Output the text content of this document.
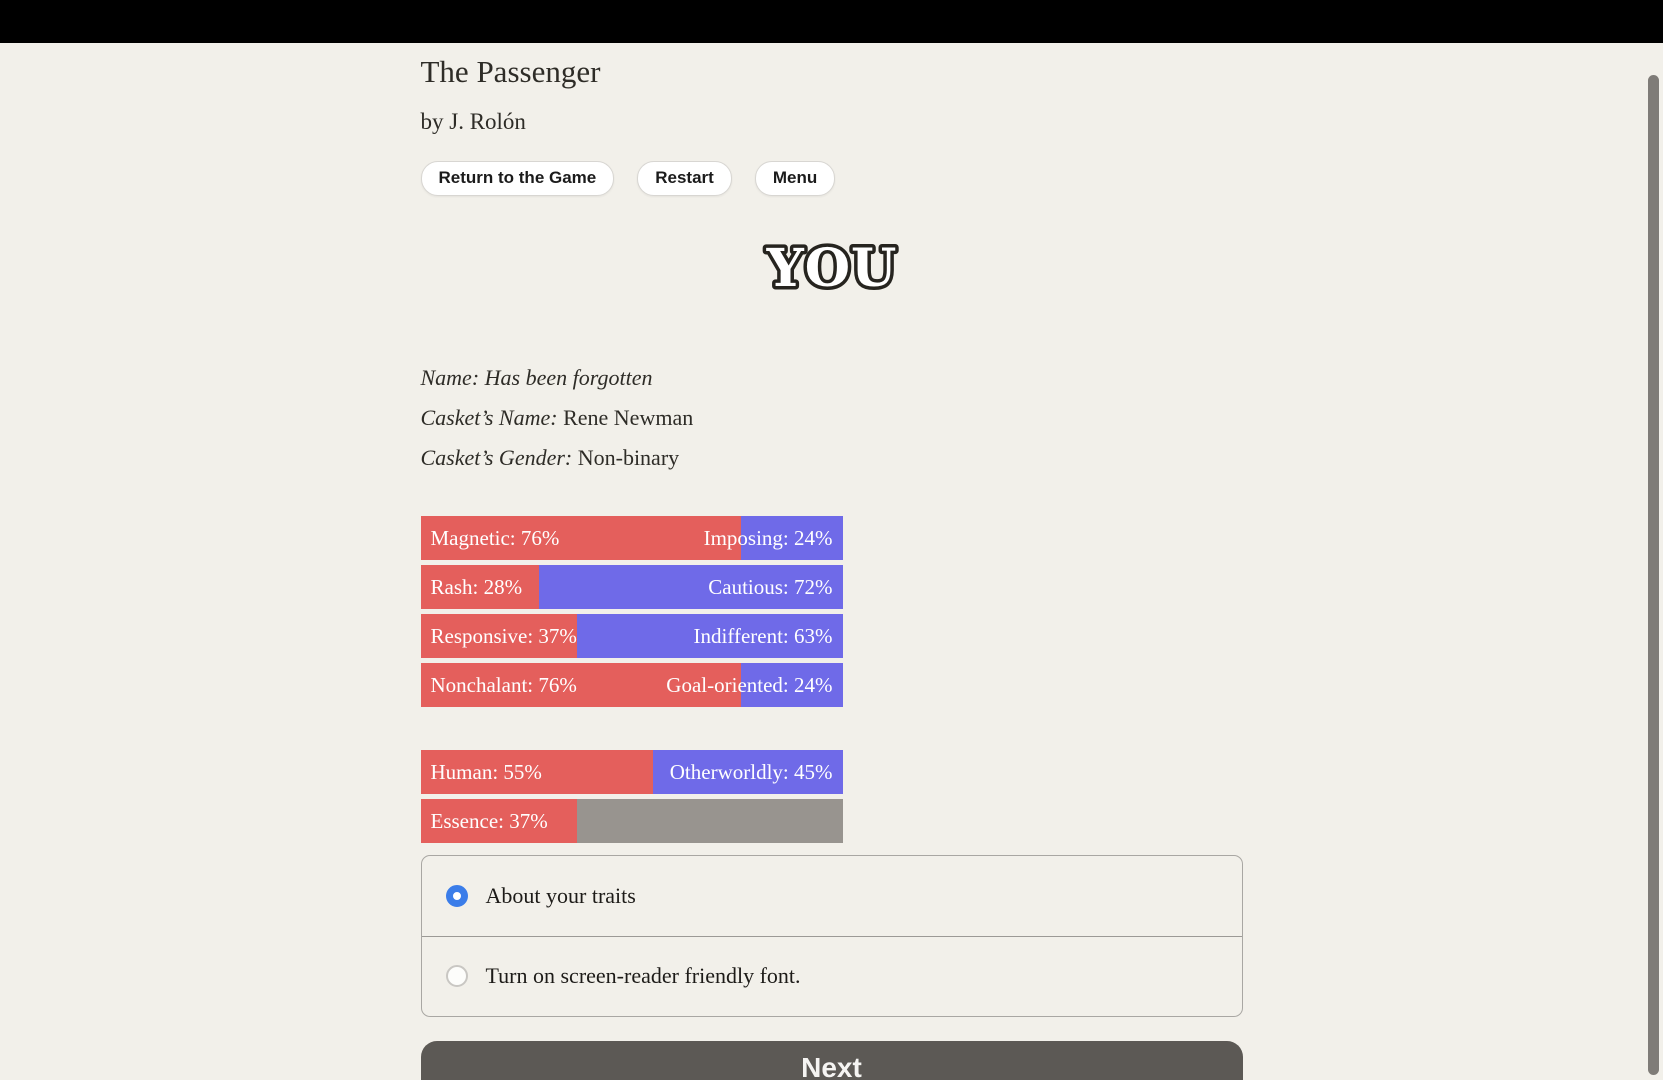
The Passenger
by J. Rolón
Return to the Game	Restart	Menu
YOU
Name: Has been forgotten
Casket’s Name: Rene Newman
Casket’s Gender: Non-binary
Magnetic: 76%	Imposing: 24%
Rash: 28%	Cautious: 72%
Responsive: 37%	Indifferent: 63%
Nonchalant: 76%	Goal-oriented: 24%
Human: 55%	Otherworldly: 45%
Essence: 37%
About your traits
Turn on screen-reader friendly font.
Next
